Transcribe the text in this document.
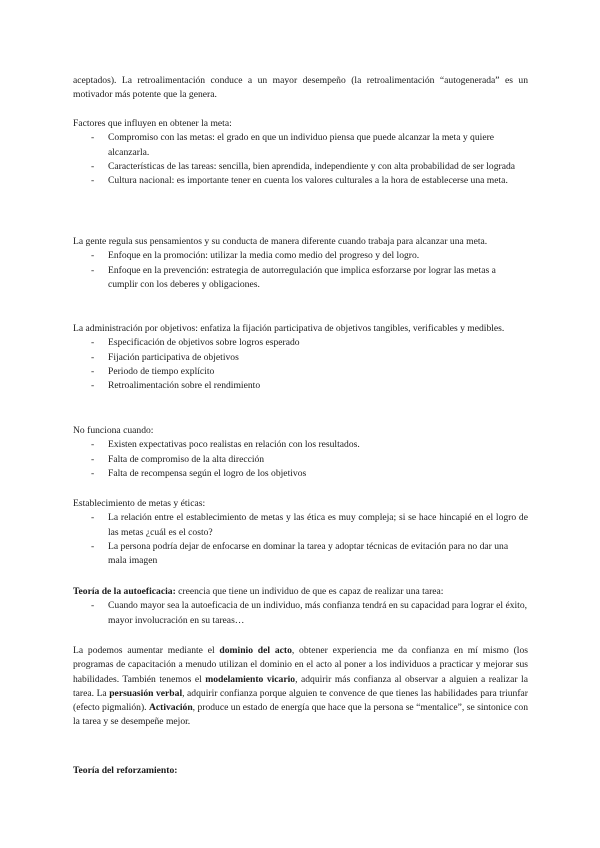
aceptados). La retroalimentación conduce a un mayor desempeño (la retroalimentación “autogenerada” es un motivador más potente que la genera.

Factores que influyen en obtener la meta:

- Compromiso con las metas: el grado en que un individuo piensa que puede alcanzar la meta y quiere alcanzarla.
- Características de las tareas: sencilla, bien aprendida, independiente y con alta probabilidad de ser lograda
- Cultura nacional: es importante tener en cuenta los valores culturales a la hora de establecerse una meta.

La gente regula sus pensamientos y su conducta de manera diferente cuando trabaja para alcanzar una meta.

- Enfoque en la promoción: utilizar la media como medio del progreso y del logro.
- Enfoque en la prevención: estrategia de autorregulación que implica esforzarse por lograr las metas a cumplir con los deberes y obligaciones.

La administración por objetivos: enfatiza la fijación participativa de objetivos tangibles, verificables y medibles.

- Especificación de objetivos sobre logros esperado
- Fijación participativa de objetivos
- Periodo de tiempo explícito
- Retroalimentación sobre el rendimiento

No funciona cuando:

- Existen expectativas poco realistas en relación con los resultados.
- Falta de compromiso de la alta dirección
- Falta de recompensa según el logro de los objetivos

Establecimiento de metas y éticas:

- La relación entre el establecimiento de metas y las ética es muy compleja; si se hace hincapié en el logro de las metas ¿cuál es el costo?
- La persona podría dejar de enfocarse en dominar la tarea y adoptar técnicas de evitación para no dar una mala imagen

Teoría de la autoeficacia: creencia que tiene un individuo de que es capaz de realizar una tarea:

- Cuando mayor sea la autoeficacia de un individuo, más confianza tendrá en su capacidad para lograr el éxito, mayor involucración en su tareas…

La podemos aumentar mediante el dominio del acto, obtener experiencia me da confianza en mí mismo (los programas de capacitación a menudo utilizan el dominio en el acto al poner a los individuos a practicar y mejorar sus habilidades. También tenemos el modelamiento vicario, adquirir más confianza al observar a alguien a realizar la tarea. La persuasión verbal, adquirir confianza porque alguien te convence de que tienes las habilidades para triunfar (efecto pigmalión). Activación, produce un estado de energía que hace que la persona se “mentalice”, se sintonice con la tarea y se desempeñe mejor.

Teoría del reforzamiento:
